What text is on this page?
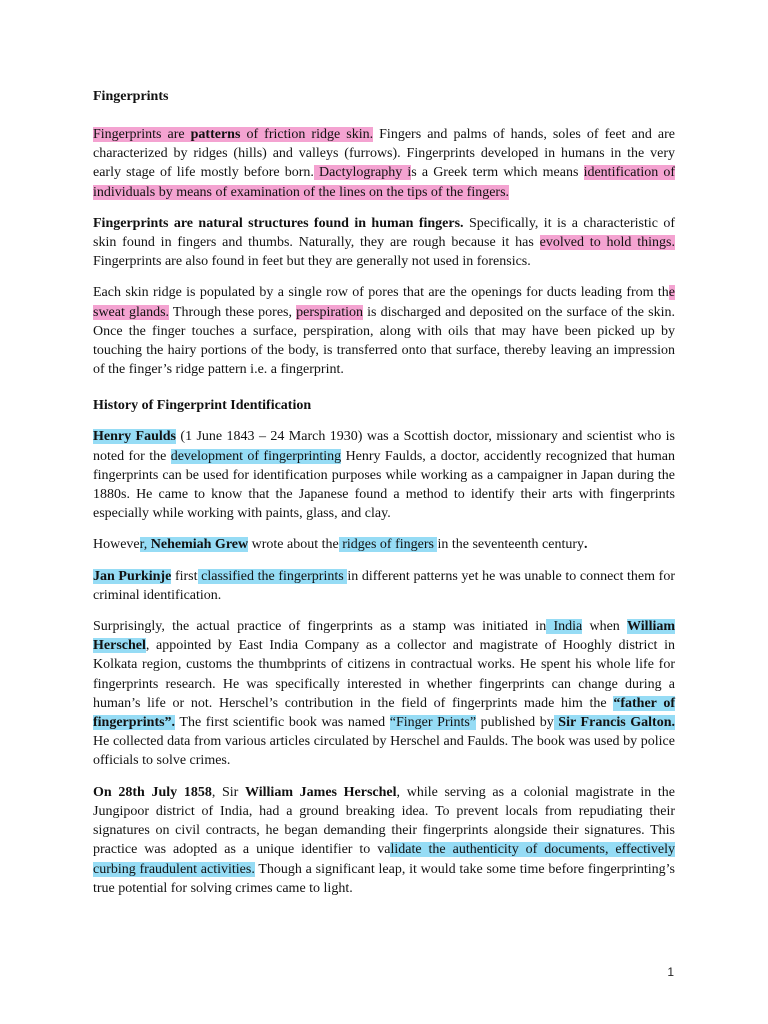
Fingerprints

Fingerprints are patterns of friction ridge skin. Fingers and palms of hands, soles of feet and are characterized by ridges (hills) and valleys (furrows). Fingerprints developed in humans in the very early stage of life mostly before born. Dactylography is a Greek term which means identification of individuals by means of examination of the lines on the tips of the fingers.

Fingerprints are natural structures found in human fingers. Specifically, it is a characteristic of skin found in fingers and thumbs. Naturally, they are rough because it has evolved to hold things. Fingerprints are also found in feet but they are generally not used in forensics.

Each skin ridge is populated by a single row of pores that are the openings for ducts leading from the sweat glands. Through these pores, perspiration is discharged and deposited on the surface of the skin. Once the finger touches a surface, perspiration, along with oils that may have been picked up by touching the hairy portions of the body, is transferred onto that surface, thereby leaving an impression of the finger’s ridge pattern i.e. a fingerprint.

History of Fingerprint Identification

Henry Faulds (1 June 1843 – 24 March 1930) was a Scottish doctor, missionary and scientist who is noted for the development of fingerprinting Henry Faulds, a doctor, accidently recognized that human fingerprints can be used for identification purposes while working as a campaigner in Japan during the 1880s. He came to know that the Japanese found a method to identify their arts with fingerprints especially while working with paints, glass, and clay.

However, Nehemiah Grew wrote about the ridges of fingers in the seventeenth century.

Jan Purkinje first classified the fingerprints in different patterns yet he was unable to connect them for criminal identification.

Surprisingly, the actual practice of fingerprints as a stamp was initiated in India when William Herschel, appointed by East India Company as a collector and magistrate of Hooghly district in Kolkata region, customs the thumbprints of citizens in contractual works. He spent his whole life for fingerprints research. He was specifically interested in whether fingerprints can change during a human’s life or not. Herschel’s contribution in the field of fingerprints made him the “father of fingerprints”. The first scientific book was named “Finger Prints” published by Sir Francis Galton. He collected data from various articles circulated by Herschel and Faulds. The book was used by police officials to solve crimes.

On 28th July 1858, Sir William James Herschel, while serving as a colonial magistrate in the Jungipoor district of India, had a ground breaking idea. To prevent locals from repudiating their signatures on civil contracts, he began demanding their fingerprints alongside their signatures. This practice was adopted as a unique identifier to validate the authenticity of documents, effectively curbing fraudulent activities. Though a significant leap, it would take some time before fingerprinting’s true potential for solving crimes came to light.

1
